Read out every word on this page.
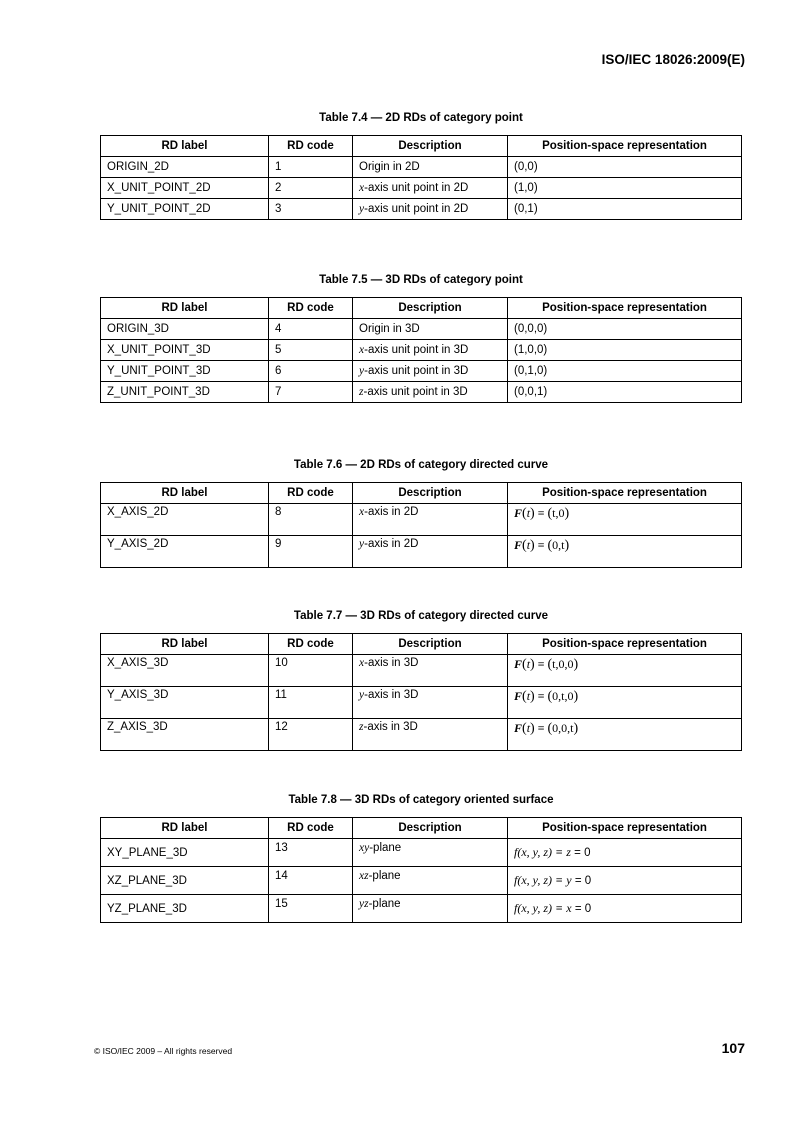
ISO/IEC 18026:2009(E)
Table 7.4 — 2D RDs of category point
RD label	RD code	Description	Position-space representation
ORIGIN_2D	1	Origin in 2D	(0,0)
X_UNIT_POINT_2D	2	x-axis unit point in 2D	(1,0)
Y_UNIT_POINT_2D	3	y-axis unit point in 2D	(0,1)
Table 7.5 — 3D RDs of category point
RD label	RD code	Description	Position-space representation
ORIGIN_3D	4	Origin in 3D	(0,0,0)
X_UNIT_POINT_3D	5	x-axis unit point in 3D	(1,0,0)
Y_UNIT_POINT_3D	6	y-axis unit point in 3D	(0,1,0)
Z_UNIT_POINT_3D	7	z-axis unit point in 3D	(0,0,1)
Table 7.6 — 2D RDs of category directed curve
RD label	RD code	Description	Position-space representation
X_AXIS_2D	8	x-axis in 2D	F(t) ≡ (t,0)
Y_AXIS_2D	9	y-axis in 2D	F(t) ≡ (0,t)
Table 7.7 — 3D RDs of category directed curve
RD label	RD code	Description	Position-space representation
X_AXIS_3D	10	x-axis in 3D	F(t) ≡ (t,0,0)
Y_AXIS_3D	11	y-axis in 3D	F(t) ≡ (0,t,0)
Z_AXIS_3D	12	z-axis in 3D	F(t) ≡ (0,0,t)
Table 7.8 — 3D RDs of category oriented surface
RD label	RD code	Description	Position-space representation
XY_PLANE_3D	13	xy-plane	f(x, y, z) ≡ z = 0
XZ_PLANE_3D	14	xz-plane	f(x, y, z) ≡ y = 0
YZ_PLANE_3D	15	yz-plane	f(x, y, z) ≡ x = 0
© ISO/IEC 2009 – All rights reserved	107
